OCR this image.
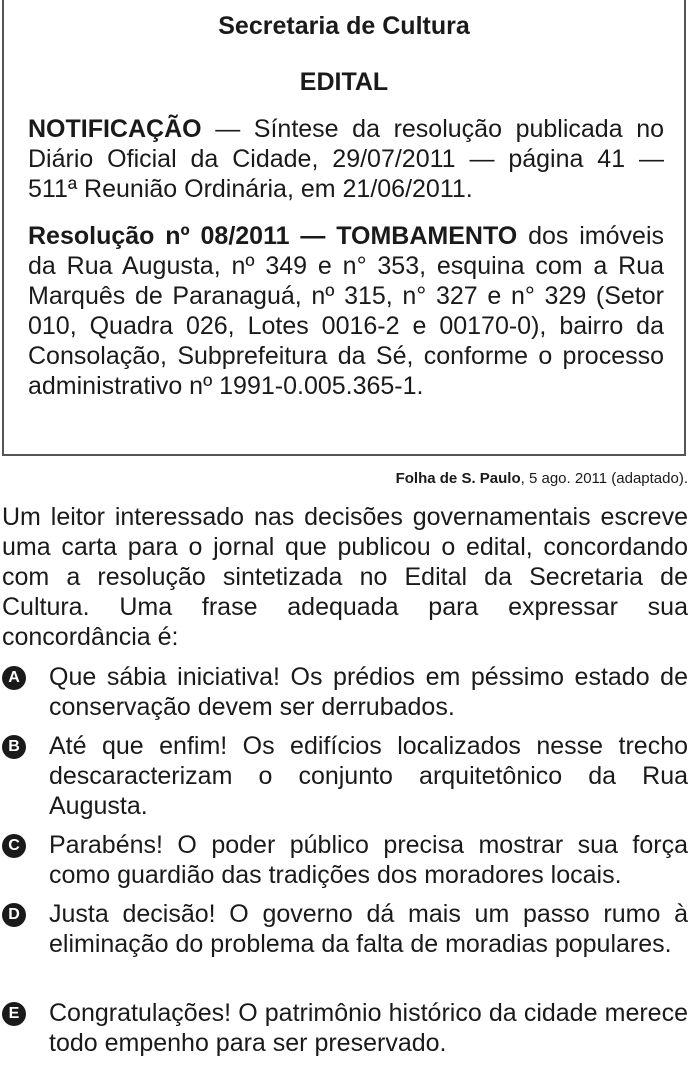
Secretaria de Cultura
EDITAL
NOTIFICAÇÃO — Síntese da resolução publicada no Diário Oficial da Cidade, 29/07/2011 — página 41 — 511ª Reunião Ordinária, em 21/06/2011.
Resolução nº 08/2011 — TOMBAMENTO dos imóveis da Rua Augusta, nº 349 e n° 353, esquina com a Rua Marquês de Paranaguá, nº 315, n° 327 e n° 329 (Setor 010, Quadra 026, Lotes 0016-2 e 00170-0), bairro da Consolação, Subprefeitura da Sé, conforme o processo administrativo nº 1991-0.005.365-1.
Folha de S. Paulo, 5 ago. 2011 (adaptado).
Um leitor interessado nas decisões governamentais escreve uma carta para o jornal que publicou o edital, concordando com a resolução sintetizada no Edital da Secretaria de Cultura. Uma frase adequada para expressar sua concordância é:
A Que sábia iniciativa! Os prédios em péssimo estado de conservação devem ser derrubados.
B Até que enfim! Os edifícios localizados nesse trecho descaracterizam o conjunto arquitetônico da Rua Augusta.
C Parabéns! O poder público precisa mostrar sua força como guardião das tradições dos moradores locais.
D Justa decisão! O governo dá mais um passo rumo à eliminação do problema da falta de moradias populares.
E Congratulações! O patrimônio histórico da cidade merece todo empenho para ser preservado.
